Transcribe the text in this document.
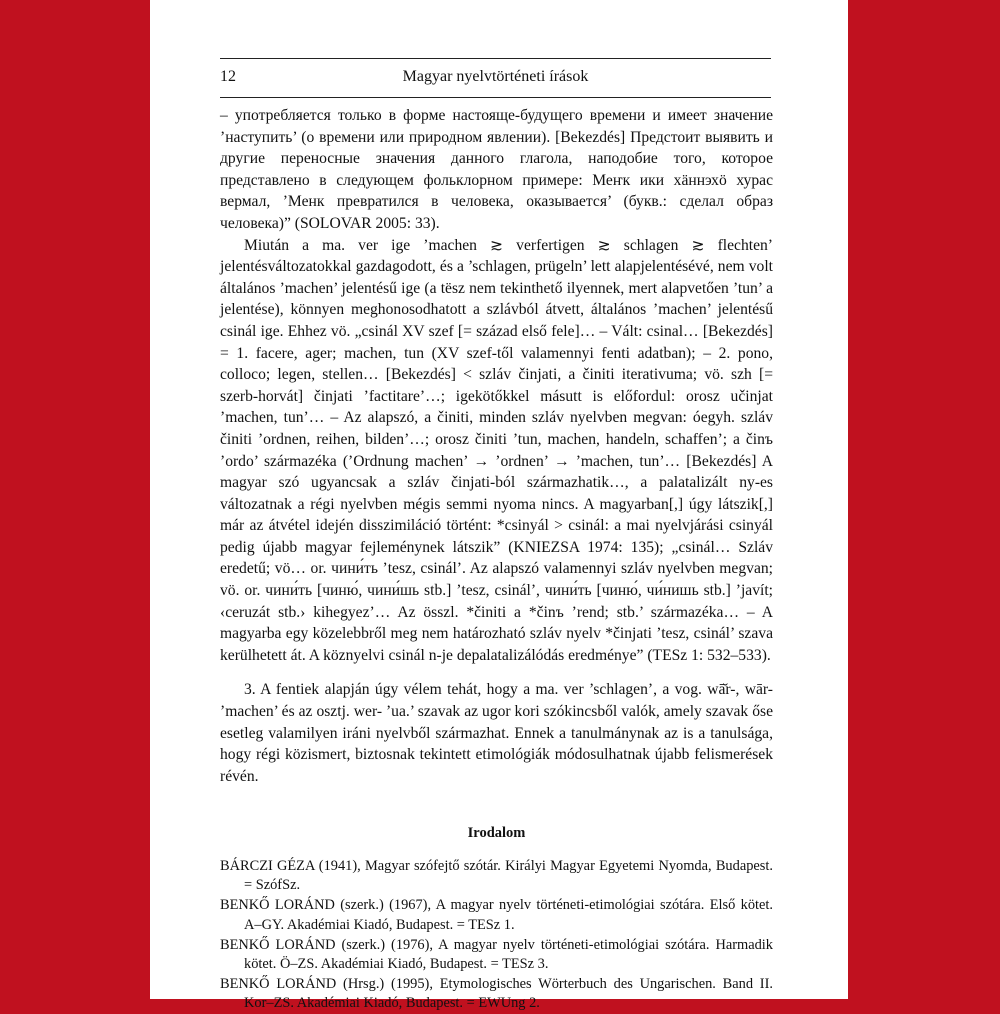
12	Magyar nyelvtörténeti írások

– употребляется только в форме настояще-будущего времени и имеет значение ’наступить’ (о времени или природном явлении). [Bekezdés] Предстоит выявить и другие переносные значения данного глагола, наподобие того, которое представлено в следующем фольклорном примере: Меҥк ики хӓннэхӧ хурас вермал, ’Менк превратился в человека, оказывается’ (букв.: сделал образ человека)” (SOLOVAR 2005: 33).

Miután a ma. ver ige ’machen ≳ verfertigen ≳ schlagen ≳ flechten’ jelentésváltozatokkal gazdagodott, és a ’schlagen, prügeln’ lett alapjelentésévé, nem volt általános ’machen’ jelentésű ige (a tësz nem tekinthető ilyennek, mert alapvetően ’tun’ a jelentése), könnyen meghonosodhatott a szlávból átvett, általános ’machen’ jelentésű csinál ige. Ehhez vö. „csinál XV szef [= század első fele]… – Vált: csinal… [Bekezdés] = 1. facere, ager; machen, tun (XV szef-től valamennyi fenti adatban); – 2. pono, colloco; legen, stellen… [Bekezdés] < szláv činjati, a činiti iterativuma; vö. szh [= szerb-horvát] činjati ’factitare’…; igekötőkkel másutt is előfordul: orosz učinjat ’machen, tun’… – Az alapszó, a činiti, minden szláv nyelvben megvan: óegyh. szláv činiti ’ordnen, reihen, bilden’…; orosz činiti ’tun, machen, handeln, schaffen’; a činъ ’ordo’ származéka (’Ordnung machen’ → ’ordnen’ → ’machen, tun’… [Bekezdés] A magyar szó ugyancsak a szláv činjati-ból származhatik…, a palatalizált ny-es változatnak a régi nyelvben mégis semmi nyoma nincs. A magyarban[,] úgy látszik[,] már az átvétel idején disszimiláció történt: *csinyál > csinál: a mai nyelvjárási csinyál pedig újabb magyar fejleménynek látszik” (KNIEZSA 1974: 135); „csinál… Szláv eredetű; vö… or. чини́ть ’tesz, csinál’. Az alapszó valamennyi szláv nyelvben megvan; vö. or. чини́ть [чиню́, чини́шь stb.] ’tesz, csinál’, чини́ть [чиню́, чи́нишь stb.] ’javít; ‹ceruzát stb.› kihegyez’… Az összl. *činiti a *činъ ’rend; stb.’ származéka… – A magyarba egy közelebbről meg nem határozható szláv nyelv *činjati ’tesz, csinál’ szava kerülhetett át. A köznyelvi csinál n-je depalatalizálódás eredménye” (TESz 1: 532–533).

3. A fentiek alapján úgy vélem tehát, hogy a ma. ver ’schlagen’, a vog. wā̆r-, wār- ’machen’ és az osztj. wer- ’ua.’ szavak az ugor kori szókincsből valók, amely szavak őse esetleg valamilyen iráni nyelvből származhat. Ennek a tanulmánynak az is a tanulsága, hogy régi közismert, biztosnak tekintett etimológiák módosulhatnak újabb felismerések révén.

Irodalom

BÁRCZI GÉZA (1941), Magyar szófejtő szótár. Királyi Magyar Egyetemi Nyomda, Budapest. = SzófSz.

BENKŐ LORÁND (szerk.) (1967), A magyar nyelv történeti-etimológiai szótára. Első kötet. A–GY. Akadémiai Kiadó, Budapest. = TESz 1.

BENKŐ LORÁND (szerk.) (1976), A magyar nyelv történeti-etimológiai szótára. Harmadik kötet. Ö–ZS. Akadémiai Kiadó, Budapest. = TESz 3.

BENKŐ LORÁND (Hrsg.) (1995), Etymologisches Wörterbuch des Ungarischen. Band II. Kor–ZS. Akadémiai Kiadó, Budapest. = EWUng 2.
